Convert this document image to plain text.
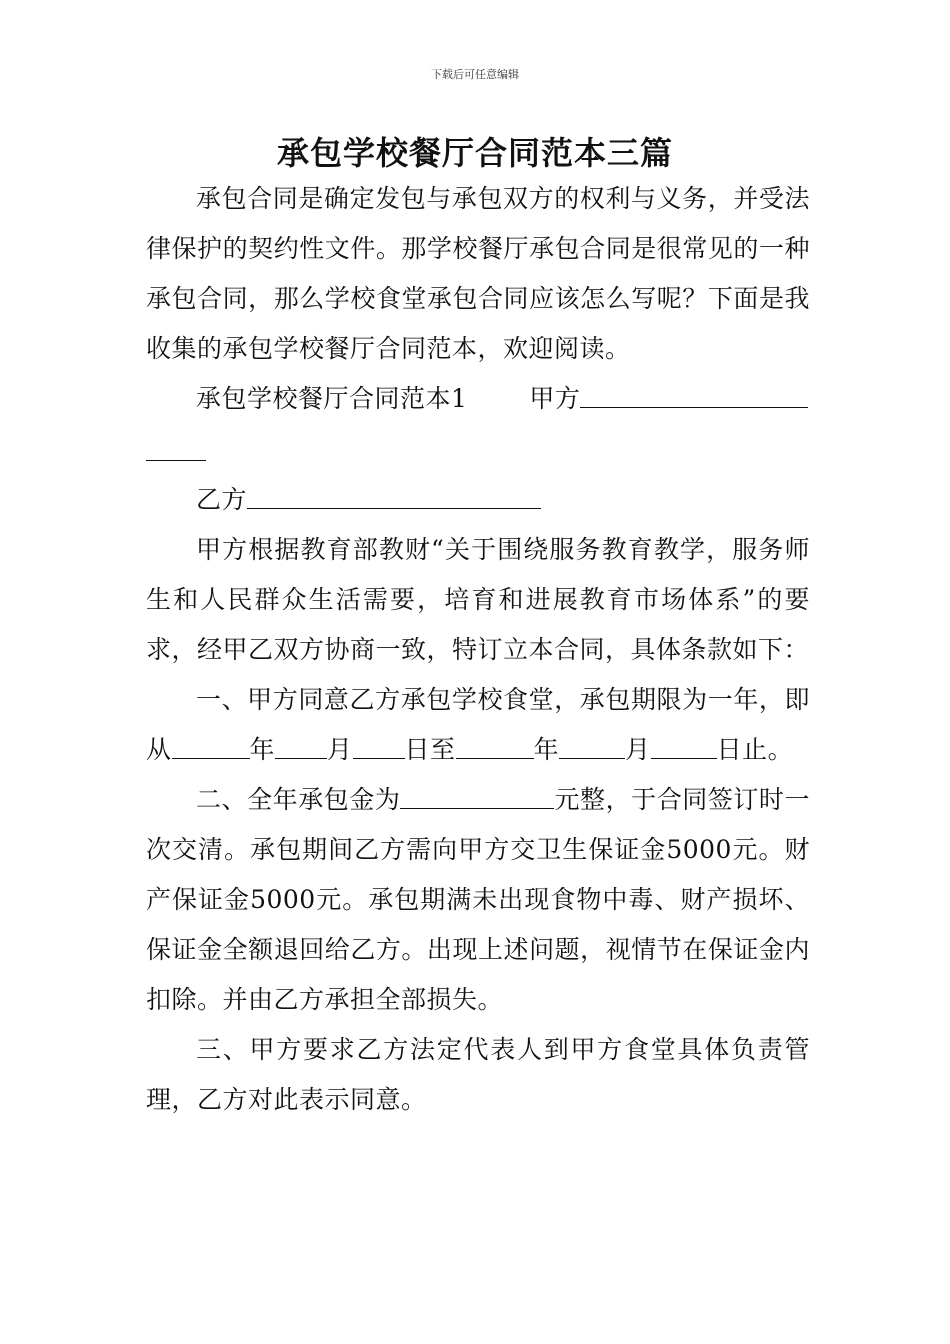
下载后可任意编辑
承包学校餐厅合同范本三篇

承包合同是确定发包与承包双方的权利与义务，并受法律保护的契约性文件。那学校餐厅承包合同是很常见的一种承包合同，那么学校食堂承包合同应该怎么写呢？下面是我收集的承包学校餐厅合同范本，欢迎阅读。

承包学校餐厅合同范本1 甲方

乙方

甲方根据教育部教财“关于围绕服务教育教学，服务师生和人民群众生活需要，培育和进展教育市场体系”的要求，经甲乙双方协商一致，特订立本合同，具体条款如下：

一、甲方同意乙方承包学校食堂，承包期限为一年，即从	年 月 日至	年	月	日止。

二、全年承包金为	元整，于合同签订时一次交清。承包期间乙方需向甲方交卫生保证金5000元。财产保证金5000元。承包期满未出现食物中毒、财产损坏、保证金全额退回给乙方。出现上述问题，视情节在保证金内扣除。并由乙方承担全部损失。

三、甲方要求乙方法定代表人到甲方食堂具体负责管理，乙方对此表示同意。
